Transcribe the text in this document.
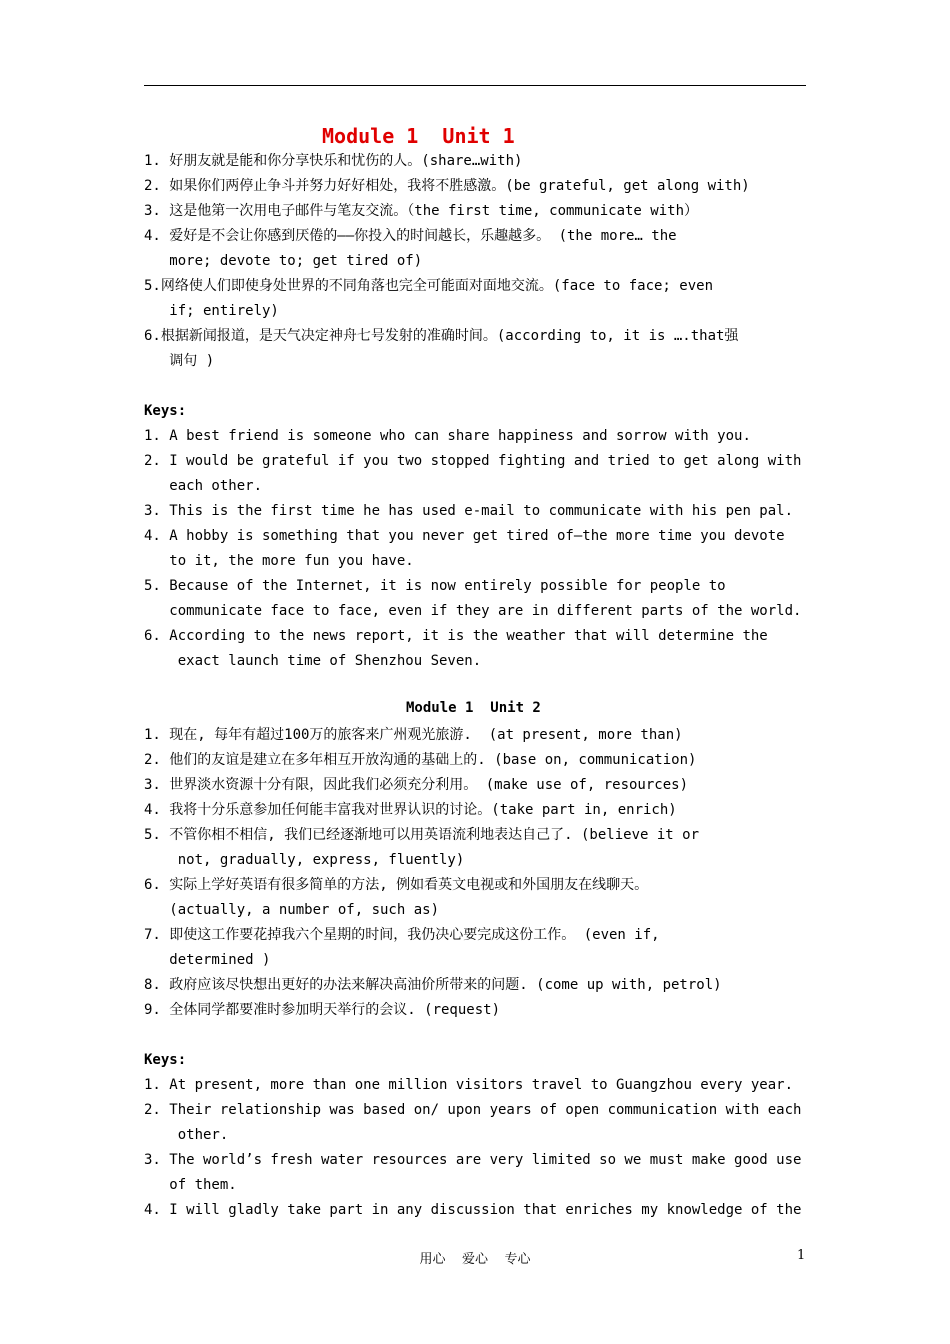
Module 1  Unit 1
1. 好朋友就是能和你分享快乐和忧伤的人。(share…with)
2. 如果你们两停止争斗并努力好好相处，我将不胜感激。(be grateful, get along with)
3. 这是他第一次用电子邮件与笔友交流。（the first time, communicate with）
4. 爱好是不会让你感到厌倦的——你投入的时间越长，乐趣越多。 (the more… the
more; devote to; get tired of)
5.网络使人们即使身处世界的不同角落也完全可能面对面地交流。(face to face; even
if; entirely)
6.根据新闻报道，是天气决定神舟七号发射的准确时间。(according to, it is ….that强
调句 )
Keys:
1. A best friend is someone who can share happiness and sorrow with you.
2. I would be grateful if you two stopped fighting and tried to get along with
each other.
3. This is the first time he has used e-mail to communicate with his pen pal.
4. A hobby is something that you never get tired of—the more time you devote
to it, the more fun you have.
5. Because of the Internet, it is now entirely possible for people to
communicate face to face, even if they are in different parts of the world.
6. According to the news report, it is the weather that will determine the
exact launch time of Shenzhou Seven.
Module 1  Unit 2
1. 现在, 每年有超过100万的旅客来广州观光旅游.  (at present, more than)
2. 他们的友谊是建立在多年相互开放沟通的基础上的. (base on, communication)
3. 世界淡水资源十分有限，因此我们必须充分利用。 (make use of, resources)
4. 我将十分乐意参加任何能丰富我对世界认识的讨论。(take part in, enrich)
5. 不管你相不相信, 我们已经逐渐地可以用英语流利地表达自己了. (believe it or
not, gradually, express, fluently)
6. 实际上学好英语有很多简单的方法, 例如看英文电视或和外国朋友在线聊天。
(actually, a number of, such as)
7. 即使这工作要花掉我六个星期的时间，我仍决心要完成这份工作。 (even if,
determined )
8. 政府应该尽快想出更好的办法来解决高油价所带来的问题. (come up with, petrol)
9. 全体同学都要准时参加明天举行的会议. (request)
Keys:
1. At present, more than one million visitors travel to Guangzhou every year.
2. Their relationship was based on/ upon years of open communication with each
other.
3. The world’s fresh water resources are very limited so we must make good use
of them.
4. I will gladly take part in any discussion that enriches my knowledge of the
用心    爱心    专心	1
